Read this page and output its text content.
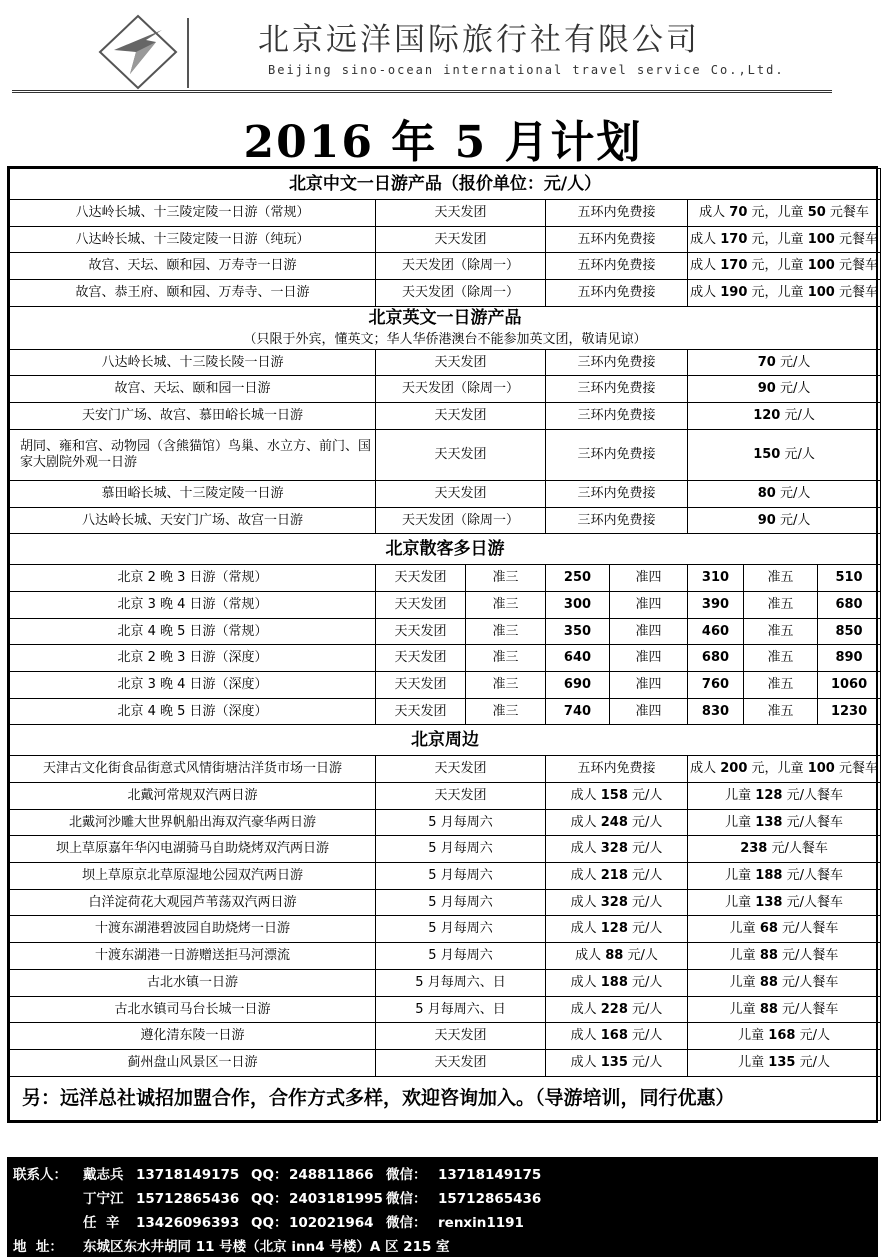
北京远洋国际旅行社有限公司
Beijing sino-ocean international travel service Co.,Ltd.
2016 年 5 月计划
北京中文一日游产品（报价单位：元/人）							
八达岭长城、十三陵定陵一日游（常规）	天天发团		五环内免费接		成人 70 元，儿童 50 元餐车		
八达岭长城、十三陵定陵一日游（纯玩）	天天发团		五环内免费接		成人 170 元，儿童 100 元餐车		
故宫、天坛、颐和园、万寿寺一日游	天天发团（除周一）		五环内免费接		成人 170 元，儿童 100 元餐车		
故宫、恭王府、颐和园、万寿寺、一日游	天天发团（除周一）		五环内免费接		成人 190 元，儿童 100 元餐车		
北京英文一日游产品							
（只限于外宾，懂英文；华人华侨港澳台不能参加英文团，敬请见谅）							
八达岭长城、十三陵长陵一日游	天天发团		三环内免费接		70 元/人		
故宫、天坛、颐和园一日游	天天发团（除周一）		三环内免费接		90 元/人		
天安门广场、故宫、慕田峪长城一日游	天天发团		三环内免费接		120 元/人		
胡同、雍和宫、动物园（含熊猫馆）鸟巢、水立方、前门、国家大剧院外观一日游	天天发团		三环内免费接		150 元/人		
慕田峪长城、十三陵定陵一日游	天天发团		三环内免费接		80 元/人		
八达岭长城、天安门广场、故宫一日游	天天发团（除周一）		三环内免费接		90 元/人		
北京散客多日游							
北京 2 晚 3 日游（常规）	天天发团	准三	250	准四	310	准五	510
北京 3 晚 4 日游（常规）	天天发团	准三	300	准四	390	准五	680
北京 4 晚 5 日游（常规）	天天发团	准三	350	准四	460	准五	850
北京 2 晚 3 日游（深度）	天天发团	准三	640	准四	680	准五	890
北京 3 晚 4 日游（深度）	天天发团	准三	690	准四	760	准五	1060
北京 4 晚 5 日游（深度）	天天发团	准三	740	准四	830	准五	1230
北京周边							
天津古文化街食品街意式风情街塘沽洋货市场一日游	天天发团		五环内免费接		成人 200 元，儿童 100 元餐车		
北戴河常规双汽两日游	天天发团		成人 158 元/人		儿童 128 元/人餐车		
北戴河沙雕大世界帆船出海双汽豪华两日游	5 月每周六		成人 248 元/人		儿童 138 元/人餐车		
坝上草原嘉年华闪电湖骑马自助烧烤双汽两日游	5 月每周六		成人 328 元/人		238 元/人餐车		
坝上草原京北草原湿地公园双汽两日游	5 月每周六		成人 218 元/人		儿童 188 元/人餐车		
白洋淀荷花大观园芦苇荡双汽两日游	5 月每周六		成人 328 元/人		儿童 138 元/人餐车		
十渡东湖港碧波园自助烧烤一日游	5 月每周六		成人 128 元/人		儿童 68 元/人餐车		
十渡东湖港一日游赠送拒马河漂流	5 月每周六		成人 88 元/人		儿童 88 元/人餐车		
古北水镇一日游	5 月每周六、日		成人 188 元/人		儿童 88 元/人餐车		
古北水镇司马台长城一日游	5 月每周六、日		成人 228 元/人		儿童 88 元/人餐车		
遵化清东陵一日游	天天发团		成人 168 元/人		儿童 168 元/人		
蓟州盘山风景区一日游	天天发团		成人 135 元/人		儿童 135 元/人		
另：远洋总社诚招加盟合作，合作方式多样，欢迎咨询加入。（导游培训，同行优惠）							
联系人： 戴志兵 13718149175 QQ： 248811866 微信： 13718149175
丁宁江 15712865436 QQ： 2403181995 微信： 15712865436
任  辛 13426096393 QQ： 102021964 微信： renxin1191
地  址： 东城区东水井胡同 11 号楼（北京 inn4 号楼）A 区 215 室
